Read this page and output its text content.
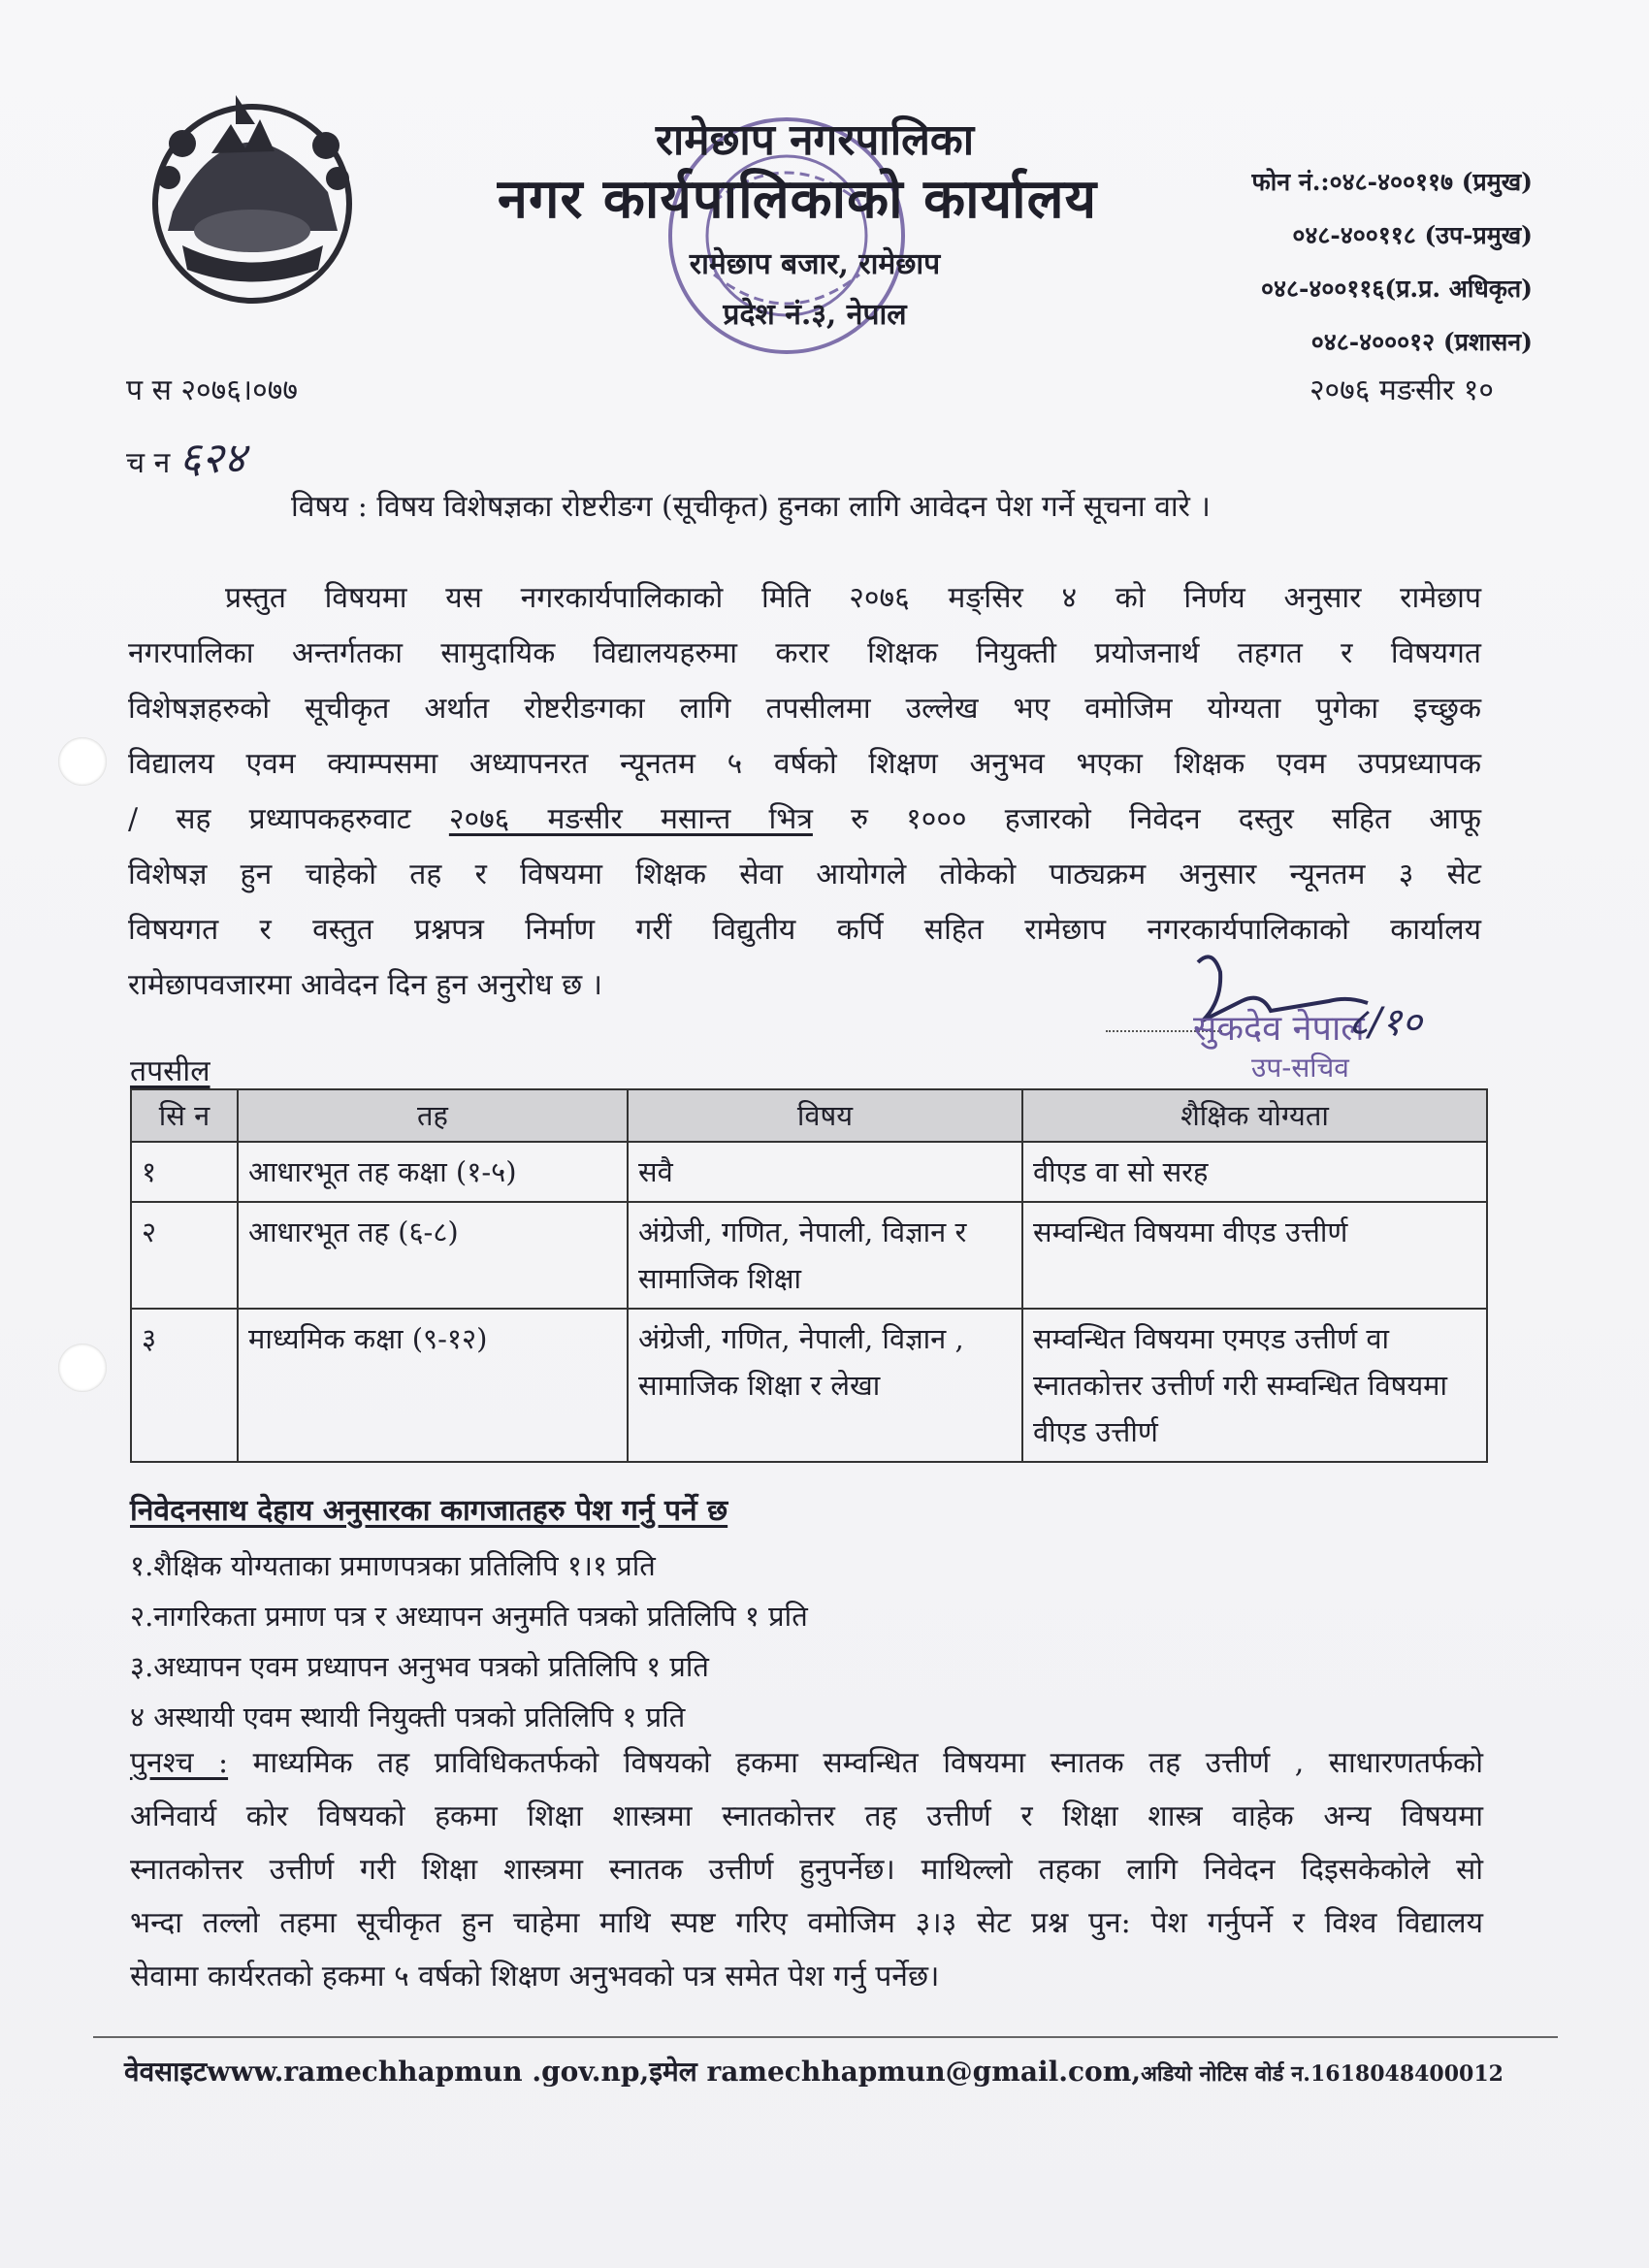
रामेछाप नगरपालिका
नगर कार्यपालिकाको कार्यालय
रामेछाप बजार, रामेछाप
प्रदेश नं.३, नेपाल
फोन नं.:०४८-४००११७ (प्रमुख)
०४८-४००११८ (उप-प्रमुख)
०४८-४००११६(प्र.प्र. अधिकृत)
०४८-४०००१२ (प्रशासन)
प स २०७६।०७७
च न ६२४
२०७६ मङसीर १०
विषय : विषय विशेषज्ञका रोष्टरीङग (सूचीकृत) हुनका लागि आवेदन पेश गर्ने सूचना वारे ।

प्रस्तुत विषयमा यस नगरकार्यपालिकाको मिति २०७६ मङ्सिर ४ को निर्णय अनुसार रामेछाप
नगरपालिका अन्तर्गतका सामुदायिक विद्यालयहरुमा करार शिक्षक नियुक्ती प्रयोजनार्थ तहगत र विषयगत
विशेषज्ञहरुको सूचीकृत अर्थात रोष्टरीङगका लागि तपसीलमा उल्लेख भए वमोजिम योग्यता पुगेका इच्छुक
विद्यालय एवम क्याम्पसमा अध्यापनरत न्यूनतम ५ वर्षको शिक्षण अनुभव भएका शिक्षक एवम उपप्रध्यापक
/ सह प्रध्यापकहरुवाट २०७६ मङसीर मसान्त भित्र रु १००० हजारको निवेदन दस्तुर सहित आफू
विशेषज्ञ हुन चाहेको तह र विषयमा शिक्षक सेवा आयोगले तोकेको पाठ्यक्रम अनुसार न्यूनतम ३ सेट
विषयगत र वस्तुत प्रश्नपत्र निर्माण गरीं विद्युतीय कर्पि सहित रामेछाप नगरकार्यपालिकाको कार्यालय
रामेछापवजारमा आवेदन दिन हुन अनुरोध छ ।

सुकदेव नेपाल
८/१०
उप-सचिव
तपसील
सि न	तह	विषय	शैक्षिक योग्यता
१	आधारभूत तह कक्षा (१-५)	सवै	वीएड वा सो सरह
२	आधारभूत तह (६-८)	अंग्रेजी, गणित, नेपाली, विज्ञान र सामाजिक शिक्षा	सम्वन्धित विषयमा वीएड उत्तीर्ण
३	माध्यमिक कक्षा (९-१२)	अंग्रेजी, गणित, नेपाली, विज्ञान , सामाजिक शिक्षा र लेखा	सम्वन्धित विषयमा एमएड उत्तीर्ण वा स्नातकोत्तर उत्तीर्ण गरी सम्वन्धित विषयमा वीएड उत्तीर्ण
निवेदनसाथ देहाय अनुसारका कागजातहरु पेश गर्नु पर्ने छ
१.शैक्षिक योग्यताका प्रमाणपत्रका प्रतिलिपि १।१ प्रति
२.नागरिकता प्रमाण पत्र र अध्यापन अनुमति पत्रको प्रतिलिपि १ प्रति
३.अध्यापन एवम प्रध्यापन अनुभव पत्रको प्रतिलिपि १ प्रति
४ अस्थायी एवम स्थायी नियुक्ती पत्रको प्रतिलिपि १ प्रति

पुनश्च : माध्यमिक तह प्राविधिकतर्फको विषयको हकमा सम्वन्धित विषयमा स्नातक तह उत्तीर्ण , साधारणतर्फको
अनिवार्य कोर विषयको हकमा शिक्षा शास्त्रमा स्नातकोत्तर तह उत्तीर्ण र शिक्षा शास्त्र वाहेक अन्य विषयमा
स्नातकोत्तर उत्तीर्ण गरी शिक्षा शास्त्रमा स्नातक उत्तीर्ण हुनुपर्नेछ। माथिल्लो तहका लागि निवेदन दिइसकेकोले सो
भन्दा तल्लो तहमा सूचीकृत हुन चाहेमा माथि स्पष्ट गरिए वमोजिम ३।३ सेट प्रश्न पुन: पेश गर्नुपर्ने र विश्व विद्यालय
सेवामा कार्यरतको हकमा ५ वर्षको शिक्षण अनुभवको पत्र समेत पेश गर्नु पर्नेछ।

वेवसाइटwww.ramechhapmun .gov.np,इमेल ramechhapmun@gmail.com,अडियो नोटिस वोर्ड न.1618048400012
